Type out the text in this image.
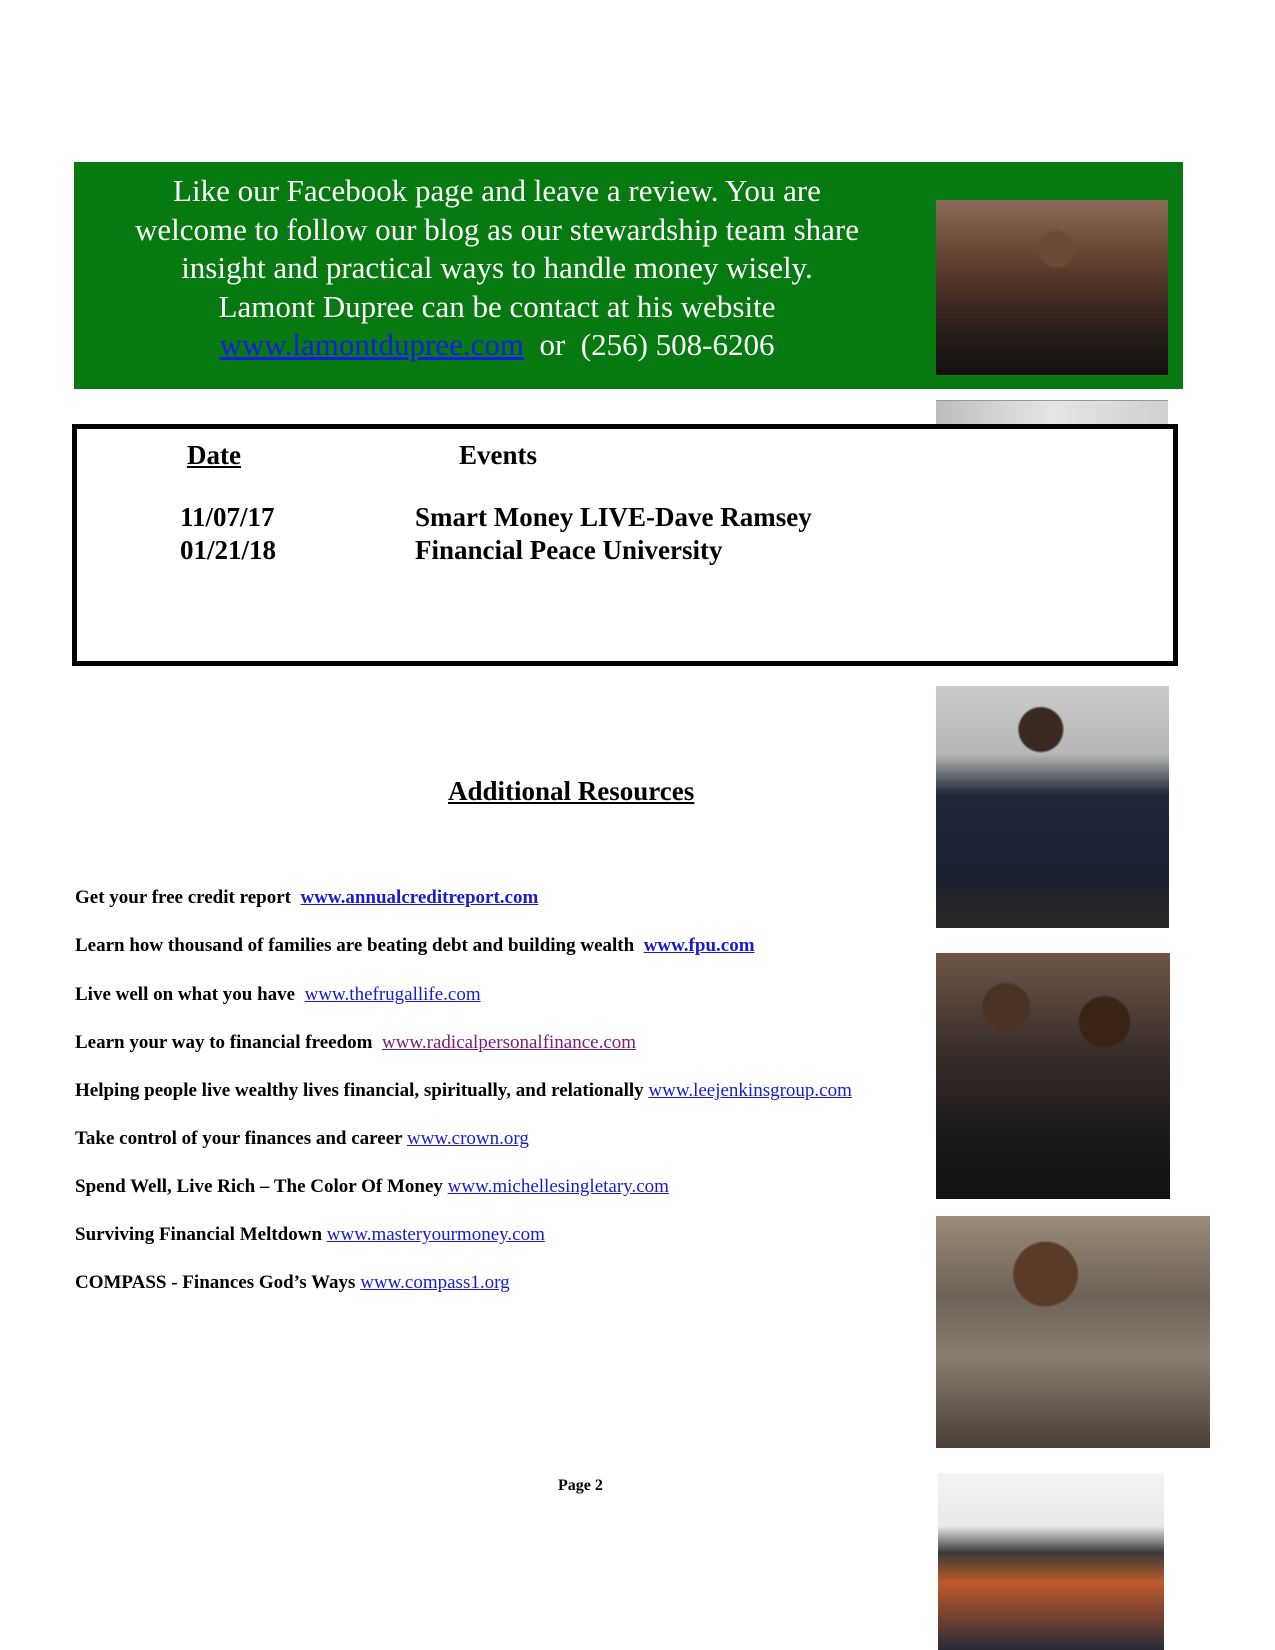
Like our Facebook page and leave a review. You are
welcome to follow our blog as our stewardship team share
insight and practical ways to handle money wisely.
Lamont Dupree can be contact at his website
www.lamontdupree.com or (256) 508-6206
Date	Events
11/07/17	Smart Money LIVE-Dave Ramsey
01/21/18	Financial Peace University
Additional Resources
Get your free credit report www.annualcreditreport.com
Learn how thousand of families are beating debt and building wealth www.fpu.com
Live well on what you have www.thefrugallife.com
Learn your way to financial freedom www.radicalpersonalfinance.com
Helping people live wealthy lives financial, spiritually, and relationally www.leejenkinsgroup.com
Take control of your finances and career www.crown.org
Spend Well, Live Rich – The Color Of Money www.michellesingletary.com
Surviving Financial Meltdown www.masteryourmoney.com
COMPASS - Finances God’s Ways www.compass1.org
Page 2
